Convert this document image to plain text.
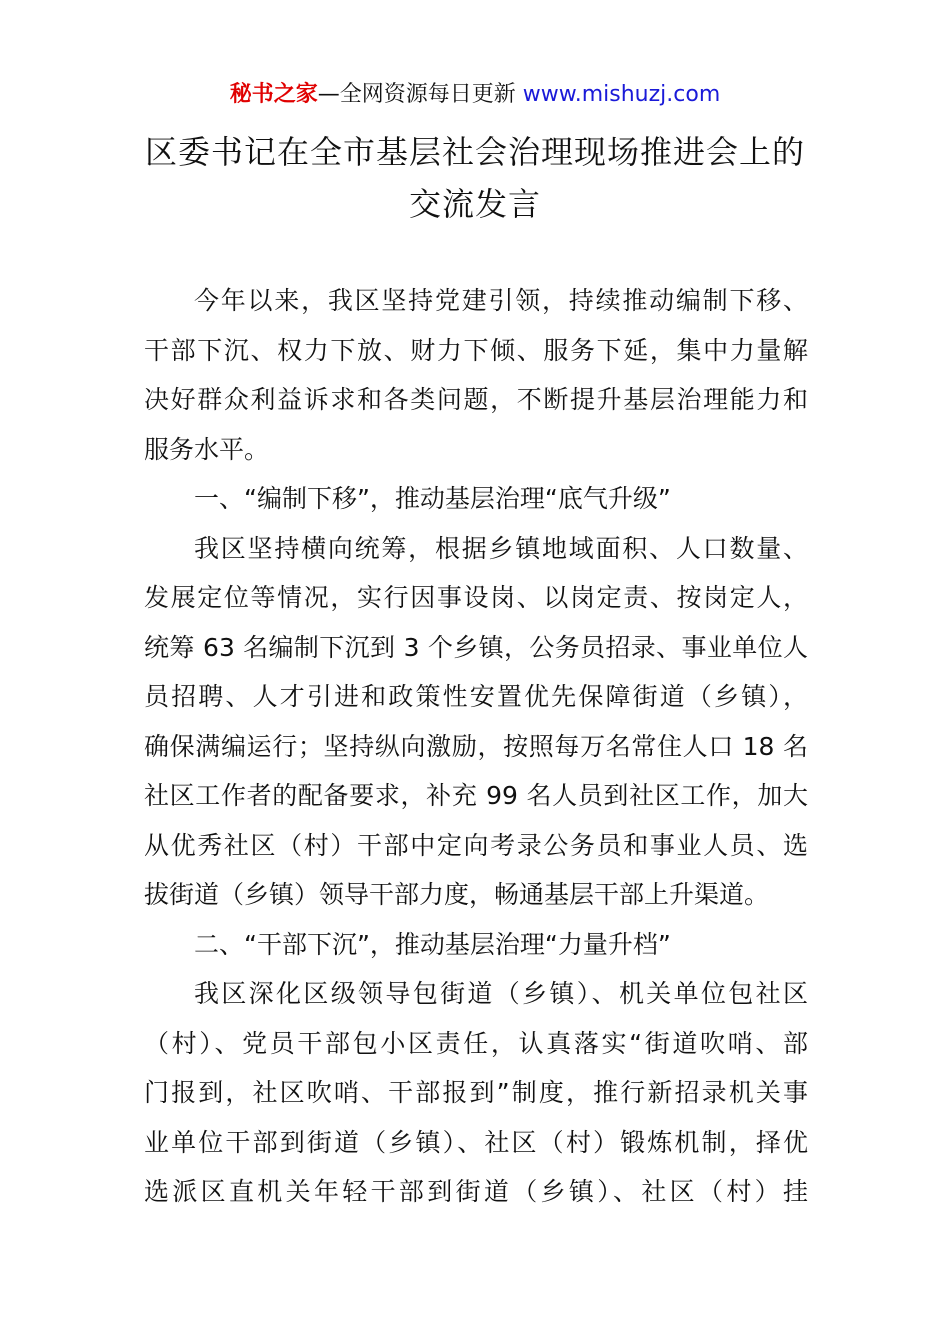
秘书之家—全网资源每日更新 www.mishuzj.com
区委书记在全市基层社会治理现场推进会上的
交流发言
今年以来，我区坚持党建引领，持续推动编制下移、
干部下沉、权力下放、财力下倾、服务下延，集中力量解
决好群众利益诉求和各类问题，不断提升基层治理能力和
服务水平。
一、“编制下移”，推动基层治理“底气升级”
我区坚持横向统筹，根据乡镇地域面积、人口数量、
发展定位等情况，实行因事设岗、以岗定责、按岗定人，
统筹 63 名编制下沉到 3 个乡镇，公务员招录、事业单位人
员招聘、人才引进和政策性安置优先保障街道（乡镇），
确保满编运行；坚持纵向激励，按照每万名常住人口 18 名
社区工作者的配备要求，补充 99 名人员到社区工作，加大
从优秀社区（村）干部中定向考录公务员和事业人员、选
拔街道（乡镇）领导干部力度，畅通基层干部上升渠道。
二、“干部下沉”，推动基层治理“力量升档”
我区深化区级领导包街道（乡镇）、机关单位包社区
（村）、党员干部包小区责任，认真落实“街道吹哨、部
门报到，社区吹哨、干部报到”制度，推行新招录机关事
业单位干部到街道（乡镇）、社区（村）锻炼机制，择优
选派区直机关年轻干部到街道（乡镇）、社区（村）挂
